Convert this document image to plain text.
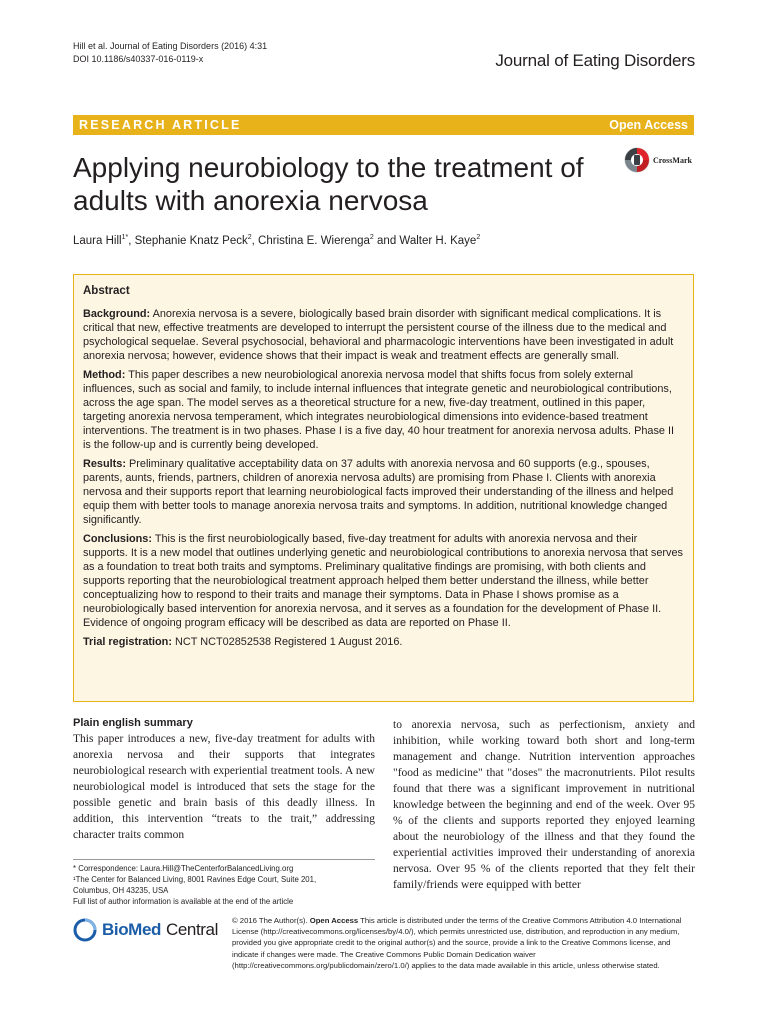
Hill et al. Journal of Eating Disorders (2016) 4:31
DOI 10.1186/s40337-016-0119-x	Journal of Eating Disorders
RESEARCH ARTICLE	Open Access
Applying neurobiology to the treatment of adults with anorexia nervosa
CrossMark
Laura Hill$^{1*}$, Stephanie Knatz Peck$^2$, Christina E. Wierenga$^2$ and Walter H. Kaye$^2$
Abstract

Background: Anorexia nervosa is a severe, biologically based brain disorder with significant medical complications. It is critical that new, effective treatments are developed to interrupt the persistent course of the illness due to the medical and psychological sequelae. Several psychosocial, behavioral and pharmacologic interventions have been investigated in adult anorexia nervosa; however, evidence shows that their impact is weak and treatment effects are generally small.

Method: This paper describes a new neurobiological anorexia nervosa model that shifts focus from solely external influences, such as social and family, to include internal influences that integrate genetic and neurobiological contributions, across the age span. The model serves as a theoretical structure for a new, five-day treatment, outlined in this paper, targeting anorexia nervosa temperament, which integrates neurobiological dimensions into evidence-based treatment interventions. The treatment is in two phases. Phase I is a five day, 40 hour treatment for anorexia nervosa adults. Phase II is the follow-up and is currently being developed.

Results: Preliminary qualitative acceptability data on 37 adults with anorexia nervosa and 60 supports (e.g., spouses, parents, aunts, friends, partners, children of anorexia nervosa adults) are promising from Phase I. Clients with anorexia nervosa and their supports report that learning neurobiological facts improved their understanding of the illness and helped equip them with better tools to manage anorexia nervosa traits and symptoms. In addition, nutritional knowledge changed significantly.

Conclusions: This is the first neurobiologically based, five-day treatment for adults with anorexia nervosa and their supports. It is a new model that outlines underlying genetic and neurobiological contributions to anorexia nervosa that serves as a foundation to treat both traits and symptoms. Preliminary qualitative findings are promising, with both clients and supports reporting that the neurobiological treatment approach helped them better understand the illness, while better conceptualizing how to respond to their traits and manage their symptoms. Data in Phase I shows promise as a neurobiologically based intervention for anorexia nervosa, and it serves as a foundation for the development of Phase II. Evidence of ongoing program efficacy will be described as data are reported on Phase II.

Trial registration: NCT NCT02852538 Registered 1 August 2016.

Plain english summary

This paper introduces a new, five-day treatment for adults with anorexia nervosa and their supports that integrates neurobiological research with experiential treatment tools. A new neurobiological model is introduced that sets the stage for the possible genetic and brain basis of this deadly illness. In addition, this intervention “treats to the trait,” addressing character traits common

to anorexia nervosa, such as perfectionism, anxiety and inhibition, while working toward both short and long-term management and change. Nutrition intervention approaches "food as medicine" that "doses" the macronutrients. Pilot results found that there was a significant improvement in nutritional knowledge between the beginning and end of the week. Over 95 % of the clients and supports reported they enjoyed learning about the neurobiology of the illness and that they found the experiential activities improved their understanding of anorexia nervosa. Over 95 % of the clients reported that they felt their family/friends were equipped with better

* Correspondence: Laura.Hill@TheCenterforBalancedLiving.org
¹The Center for Balanced Living, 8001 Ravines Edge Court, Suite 201,
Columbus, OH 43235, USA
Full list of author information is available at the end of the article
BioMed Central © 2016 The Author(s). Open Access This article is distributed under the terms of the Creative Commons Attribution 4.0 International License (http://creativecommons.org/licenses/by/4.0/), which permits unrestricted use, distribution, and reproduction in any medium, provided you give appropriate credit to the original author(s) and the source, provide a link to the Creative Commons license, and indicate if changes were made. The Creative Commons Public Domain Dedication waiver (http://creativecommons.org/publicdomain/zero/1.0/) applies to the data made available in this article, unless otherwise stated.
